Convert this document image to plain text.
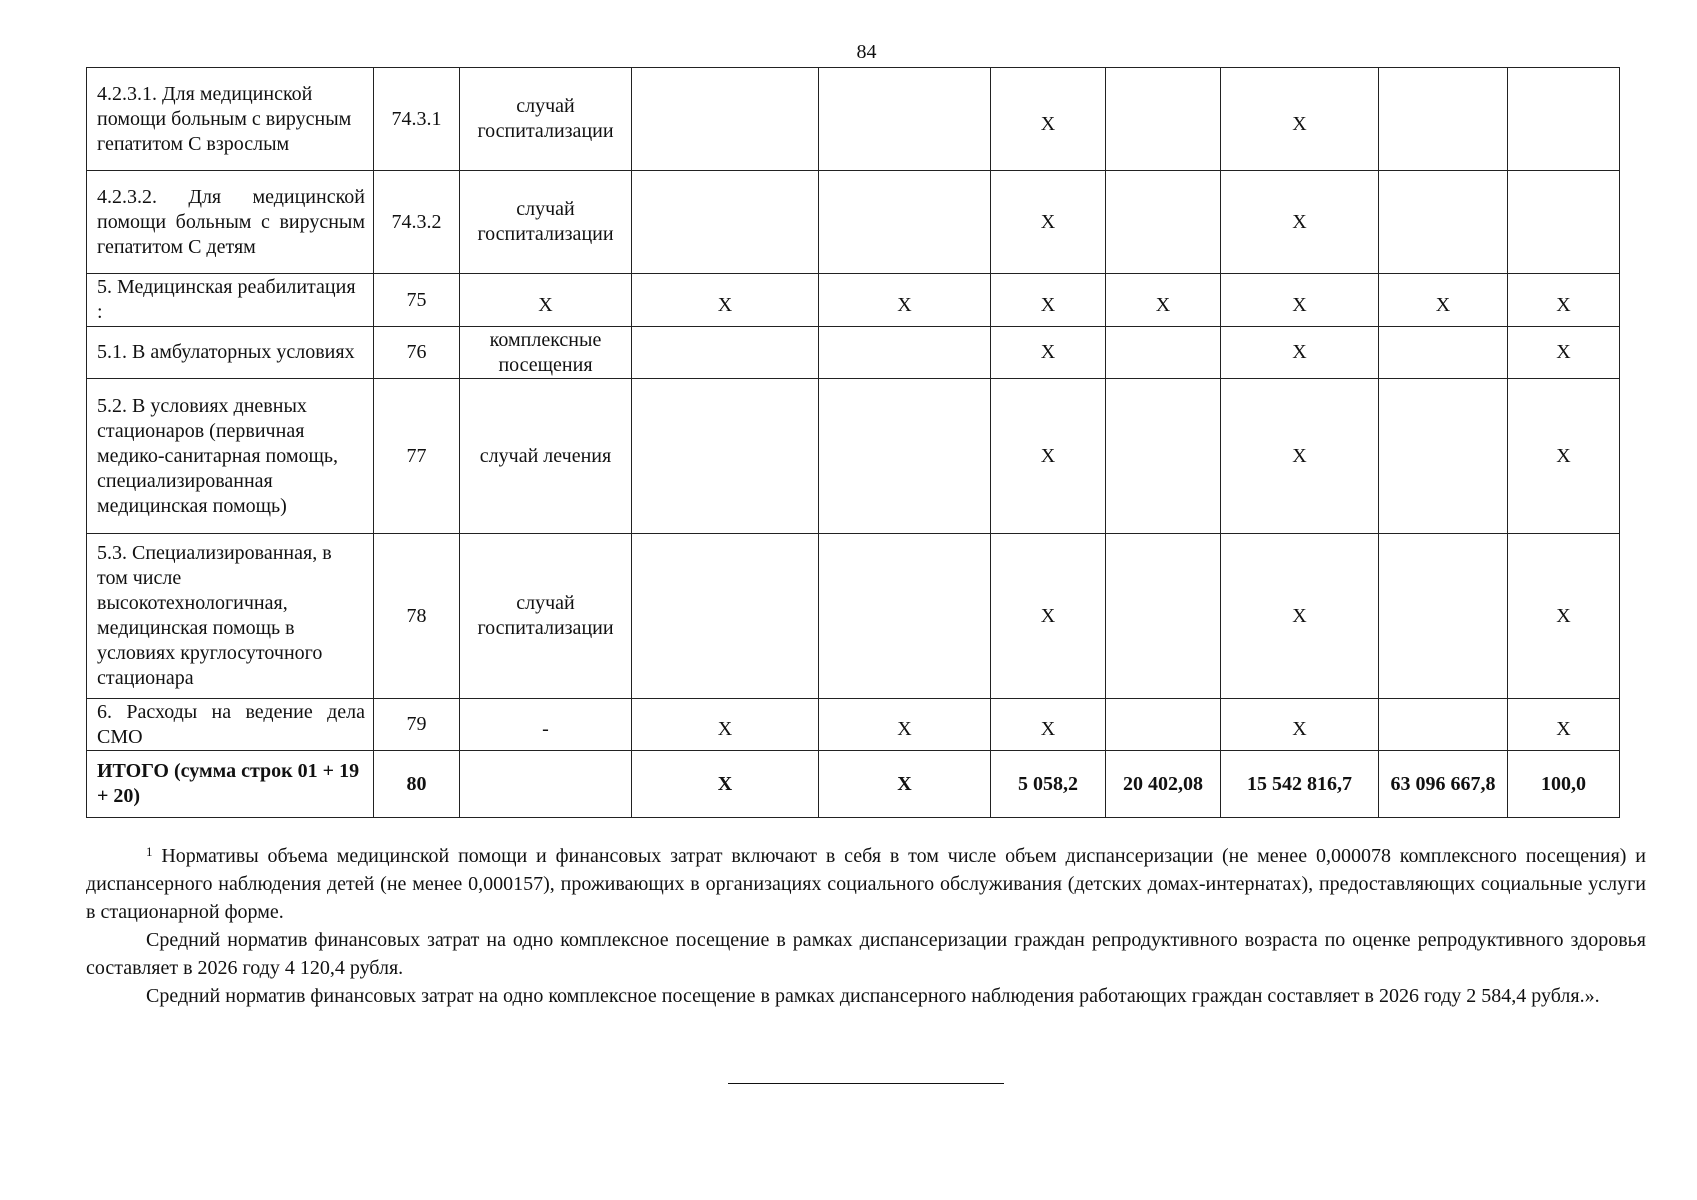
84
4.2.3.1. Для медицинской помощи больным с вирусным гепатитом С взрослым	74.3.1	случай госпитализации			X		X		
4.2.3.2. Для медицинской помощи больным с вирусным гепатитом С детям	74.3.2	случай госпитализации			X		X		
5. Медицинская реабилитация :	75	X	X	X	X	X	X	X	X
5.1. В амбулаторных условиях	76	комплексные посещения			X		X		X
5.2. В условиях дневных стационаров (первичная медико-санитарная помощь, специализированная медицинская помощь)	77	случай лечения			X		X		X
5.3. Специализированная, в том числе высокотехнологичная, медицинская помощь в условиях круглосуточного стационара	78	случай госпитализации			X		X		X
6. Расходы на ведение дела СМО	79	-	X	X	X		X		X
ИТОГО (сумма строк 01 + 19 + 20)	80		X	X	5 058,2	20 402,08	15 542 816,7	63 096 667,8	100,0

$^1$ Нормативы объема медицинской помощи и финансовых затрат включают в себя в том числе объем диспансеризации (не менее 0,000078 комплексного посещения) и диспансерного наблюдения детей (не менее 0,000157), проживающих в организациях социального обслуживания (детских домах-интернатах), предоставляющих социальные услуги в стационарной форме.

Средний норматив финансовых затрат на одно комплексное посещение в рамках диспансеризации граждан репродуктивного возраста по оценке репродуктивного здоровья составляет в 2026 году 4 120,4 рубля.

Средний норматив финансовых затрат на одно комплексное посещение в рамках диспансерного наблюдения работающих граждан составляет в 2026 году 2 584,4 рубля.».
